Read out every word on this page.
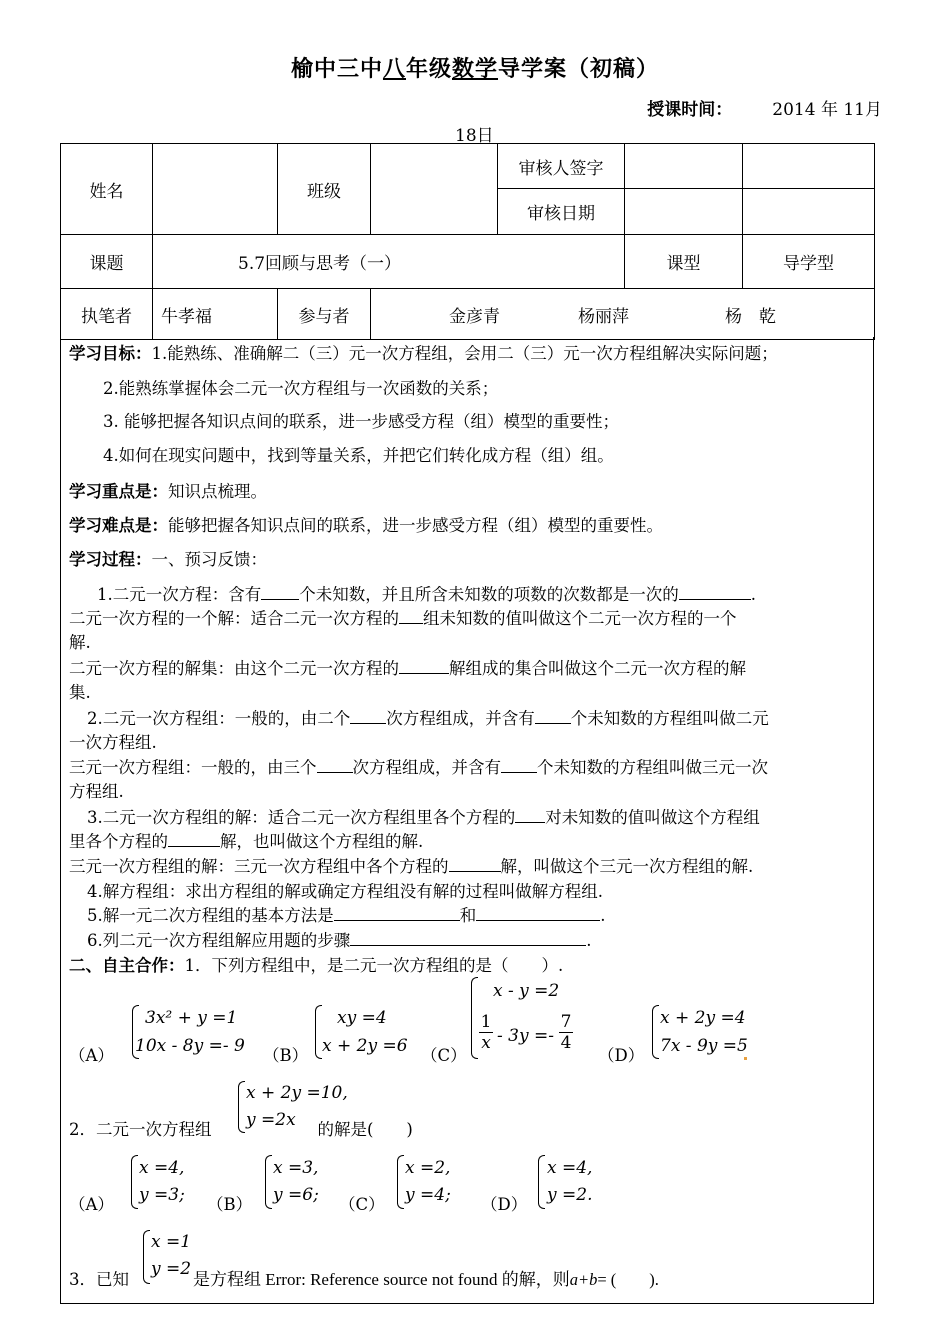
榆中三中八年级数学导学案（初稿）
授课时间： 2014 年 11月
18日
姓名		班级		审核人签字		
				审核日期		
课题	5.7回顾与思考（一）				课型	导学型
执笔者	牛孝福	参与者	金彦青 杨丽萍 杨　乾			
学习目标：1.能熟练、准确解二（三）元一次方程组，会用二（三）元一次方程组解决实际问题；
2.能熟练掌握体会二元一次方程组与一次函数的关系；
3. 能够把握各知识点间的联系，进一步感受方程（组）模型的重要性；
4.如何在现实问题中，找到等量关系，并把它们转化成方程（组）组。
学习重点是：知识点梳理。
学习难点是：能够把握各知识点间的联系，进一步感受方程（组）模型的重要性。
学习过程：一、预习反馈：
1.二元一次方程：含有 个未知数，并且所含未知数的项数的次数都是一次的	.
二元一次方程的一个解：适合二元一次方程的 组未知数的值叫做这个二元一次方程的一个
解.
二元一次方程的解集：由这个二元一次方程的	解组成的集合叫做这个二元一次方程的解
集.
2.二元一次方程组：一般的，由二个 次方程组成，并含有 个未知数的方程组叫做二元
一次方程组.
三元一次方程组：一般的，由三个 次方程组成，并含有 个未知数的方程组叫做三元一次
方程组.
3.二元一次方程组的解：适合二元一次方程组里各个方程的 对未知数的值叫做这个方程组
里各个方程的	解，也叫做这个方程组的解.
三元一次方程组的解：三元一次方程组中各个方程的	解，叫做这个三元一次方程组的解.
4.解方程组：求出方程组的解或确定方程组没有解的过程叫做解方程组.
5.解一元二次方程组的基本方法是	和	.
6.列二元一次方程组解应用题的步骤	.
二、自主合作：1．下列方程组中，是二元一次方程组的是（　　）.
（A）
3x² + y =1
10x - 8y =- 9 （B）
xy =4
x + 2y =6 （C）
x - y =2
1
x - 3y =-
7
4
（D）
x + 2y =4
7x - 9y =5
2．二元一次方程组	的解是(　　)
x + 2y =10,
y =2x
（A）
x =4,
y =3; （B）
x =3,
y =6; （C）
x =2,
y =4; （D）
x =4,
y =2.
x =1
y =2
3．已知	是方程组 Error: Reference source not found 的解，则a+b= (　　).
